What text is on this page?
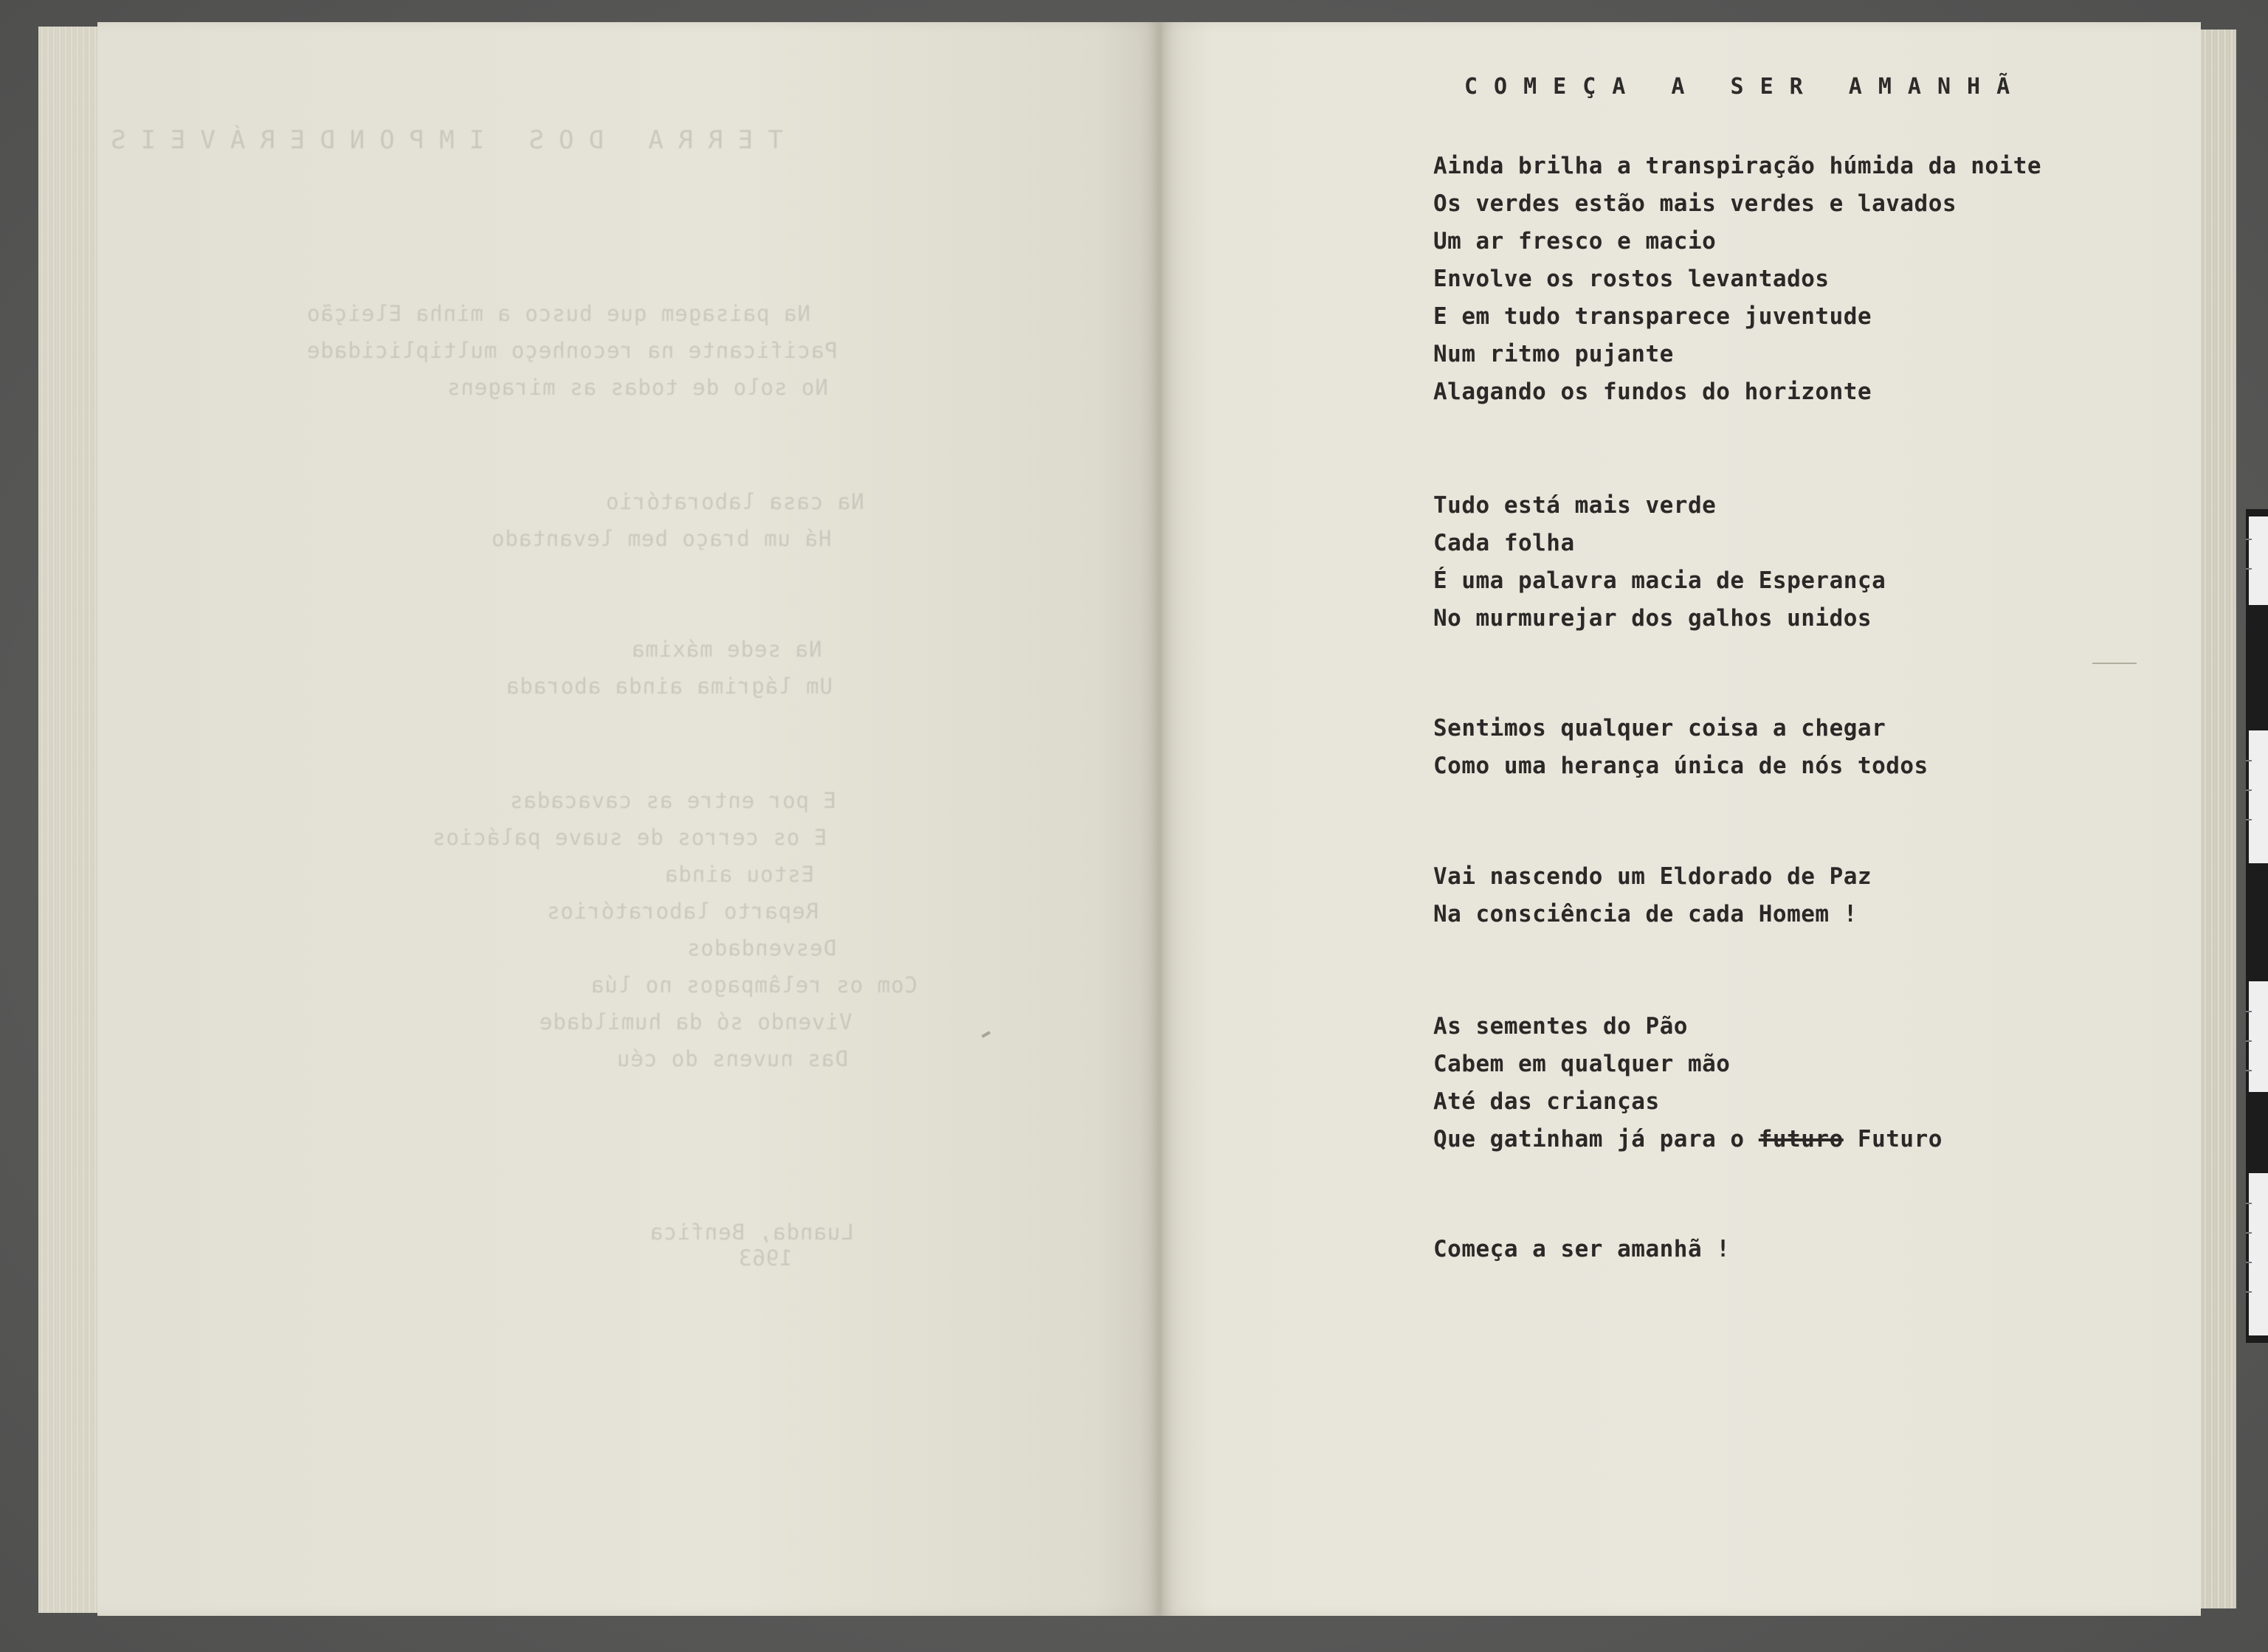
TERRA DOS IMPONDERÁVEIS
Na paisagem que busco a minha Eleição
Pacificante na reconheço multiplicidade
No solo de todas as miragens
Na casa laboratório
Há um braço bem levantado
Na sede máxima
Um lágrima ainda aborada
E por entre as cavacadas
E os cerros de suave palácios
Estou ainda
Reparto laboratórios
Desvendados
Com os relâmpagos no lúa
Vivendo só da humildade
Das nuvens do céu
Luanda, Benfica
1963
COMEÇA A SER AMANHÃ
Ainda brilha a transpiração húmida da noite
Os verdes estão mais verdes e lavados
Um ar fresco e macio
Envolve os rostos levantados
E em tudo transparece juventude
Num ritmo pujante
Alagando os fundos do horizonte
Tudo está mais verde
Cada folha
É uma palavra macia de Esperança
No murmurejar dos galhos unidos
Sentimos qualquer coisa a chegar
Como uma herança única de nós todos
Vai nascendo um Eldorado de Paz
Na consciência de cada Homem !
As sementes do Pão
Cabem em qualquer mão
Até das crianças
Que gatinham já para o futuro Futuro
Começa a ser amanhã !
